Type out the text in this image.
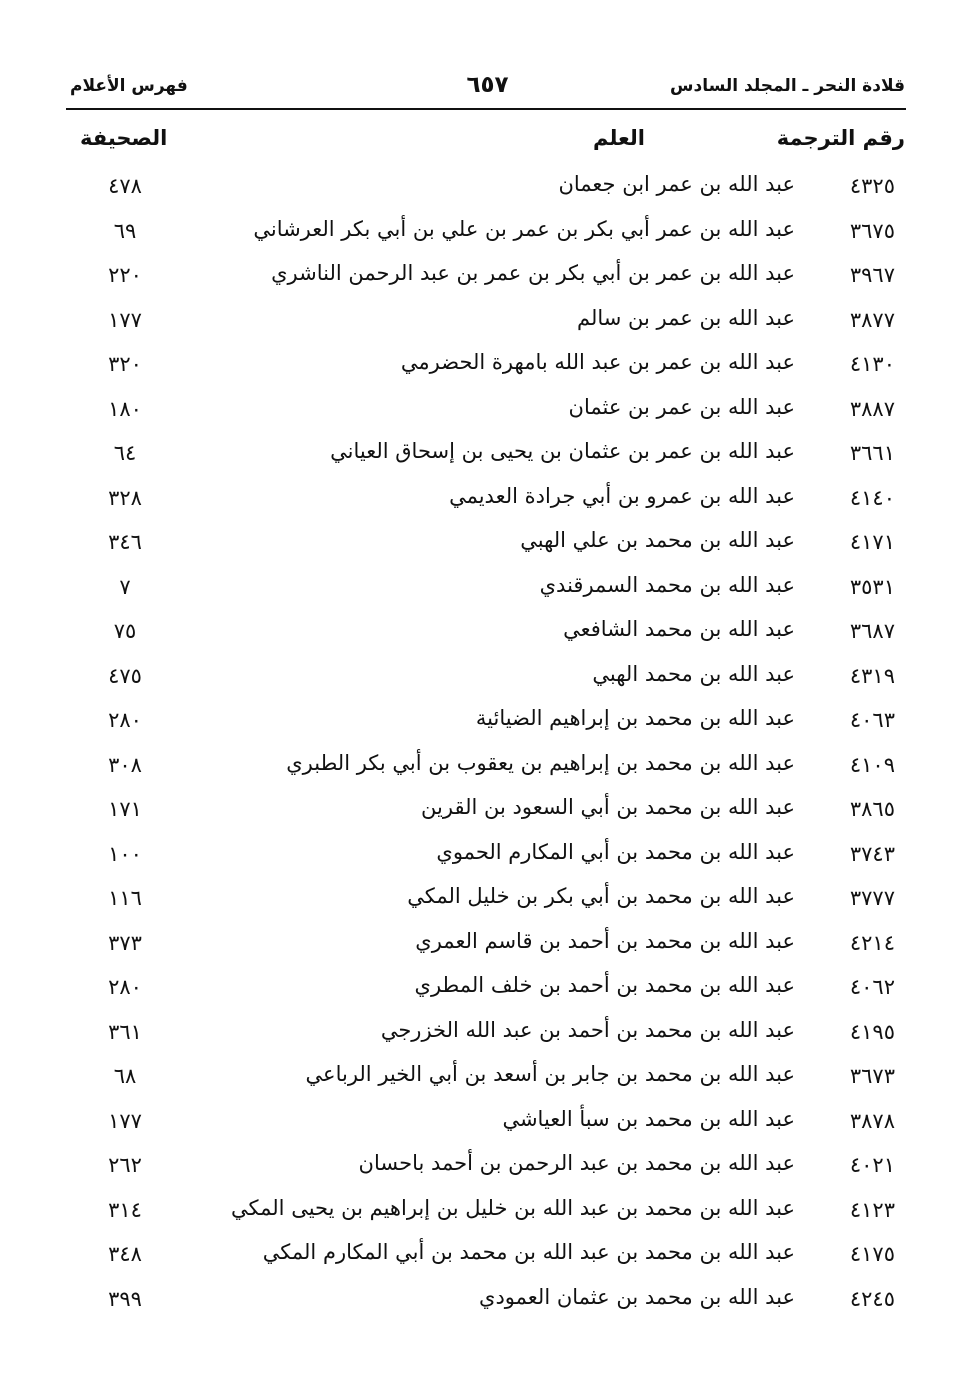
قلادة النحر ـ المجلد السادس
٦٥٧
فهرس الأعلام
رقم الترجمة
العلم
الصحيفة
٤٣٢٥
عبد الله بن عمر ابن جعمان
٤٧٨
٣٦٧٥
عبد الله بن عمر أبي بكر بن عمر بن علي بن أبي بكر العرشاني
٦٩
٣٩٦٧
عبد الله بن عمر بن أبي بكر بن عمر بن عبد الرحمن الناشري
٢٢٠
٣٨٧٧
عبد الله بن عمر بن سالم
١٧٧
٤١٣٠
عبد الله بن عمر بن عبد الله بامهرة الحضرمي
٣٢٠
٣٨٨٧
عبد الله بن عمر بن عثمان
١٨٠
٣٦٦١
عبد الله بن عمر بن عثمان بن يحيى بن إسحاق العياني
٦٤
٤١٤٠
عبد الله بن عمرو بن أبي جرادة العديمي
٣٢٨
٤١٧١
عبد الله بن محمد بن علي الهبي
٣٤٦
٣٥٣١
عبد الله بن محمد السمرقندي
٧
٣٦٨٧
عبد الله بن محمد الشافعي
٧٥
٤٣١٩
عبد الله بن محمد الهبي
٤٧٥
٤٠٦٣
عبد الله بن محمد بن إبراهيم الضيائية
٢٨٠
٤١٠٩
عبد الله بن محمد بن إبراهيم بن يعقوب بن أبي بكر الطبري
٣٠٨
٣٨٦٥
عبد الله بن محمد بن أبي السعود بن القرين
١٧١
٣٧٤٣
عبد الله بن محمد بن أبي المكارم الحموي
١٠٠
٣٧٧٧
عبد الله بن محمد بن أبي بكر بن خليل المكي
١١٦
٤٢١٤
عبد الله بن محمد بن أحمد بن قاسم العمري
٣٧٣
٤٠٦٢
عبد الله بن محمد بن أحمد بن خلف المطري
٢٨٠
٤١٩٥
عبد الله بن محمد بن أحمد بن عبد الله الخزرجي
٣٦١
٣٦٧٣
عبد الله بن محمد بن جابر بن أسعد بن أبي الخير الرباعي
٦٨
٣٨٧٨
عبد الله بن محمد بن سبأ العياشي
١٧٧
٤٠٢١
عبد الله بن محمد بن عبد الرحمن بن أحمد باحسان
٢٦٢
٤١٢٣
عبد الله بن محمد بن عبد الله بن خليل بن إبراهيم بن يحيى المكي
٣١٤
٤١٧٥
عبد الله بن محمد بن عبد الله بن محمد بن أبي المكارم المكي
٣٤٨
٤٢٤٥
عبد الله بن محمد بن عثمان العمودي
٣٩٩
